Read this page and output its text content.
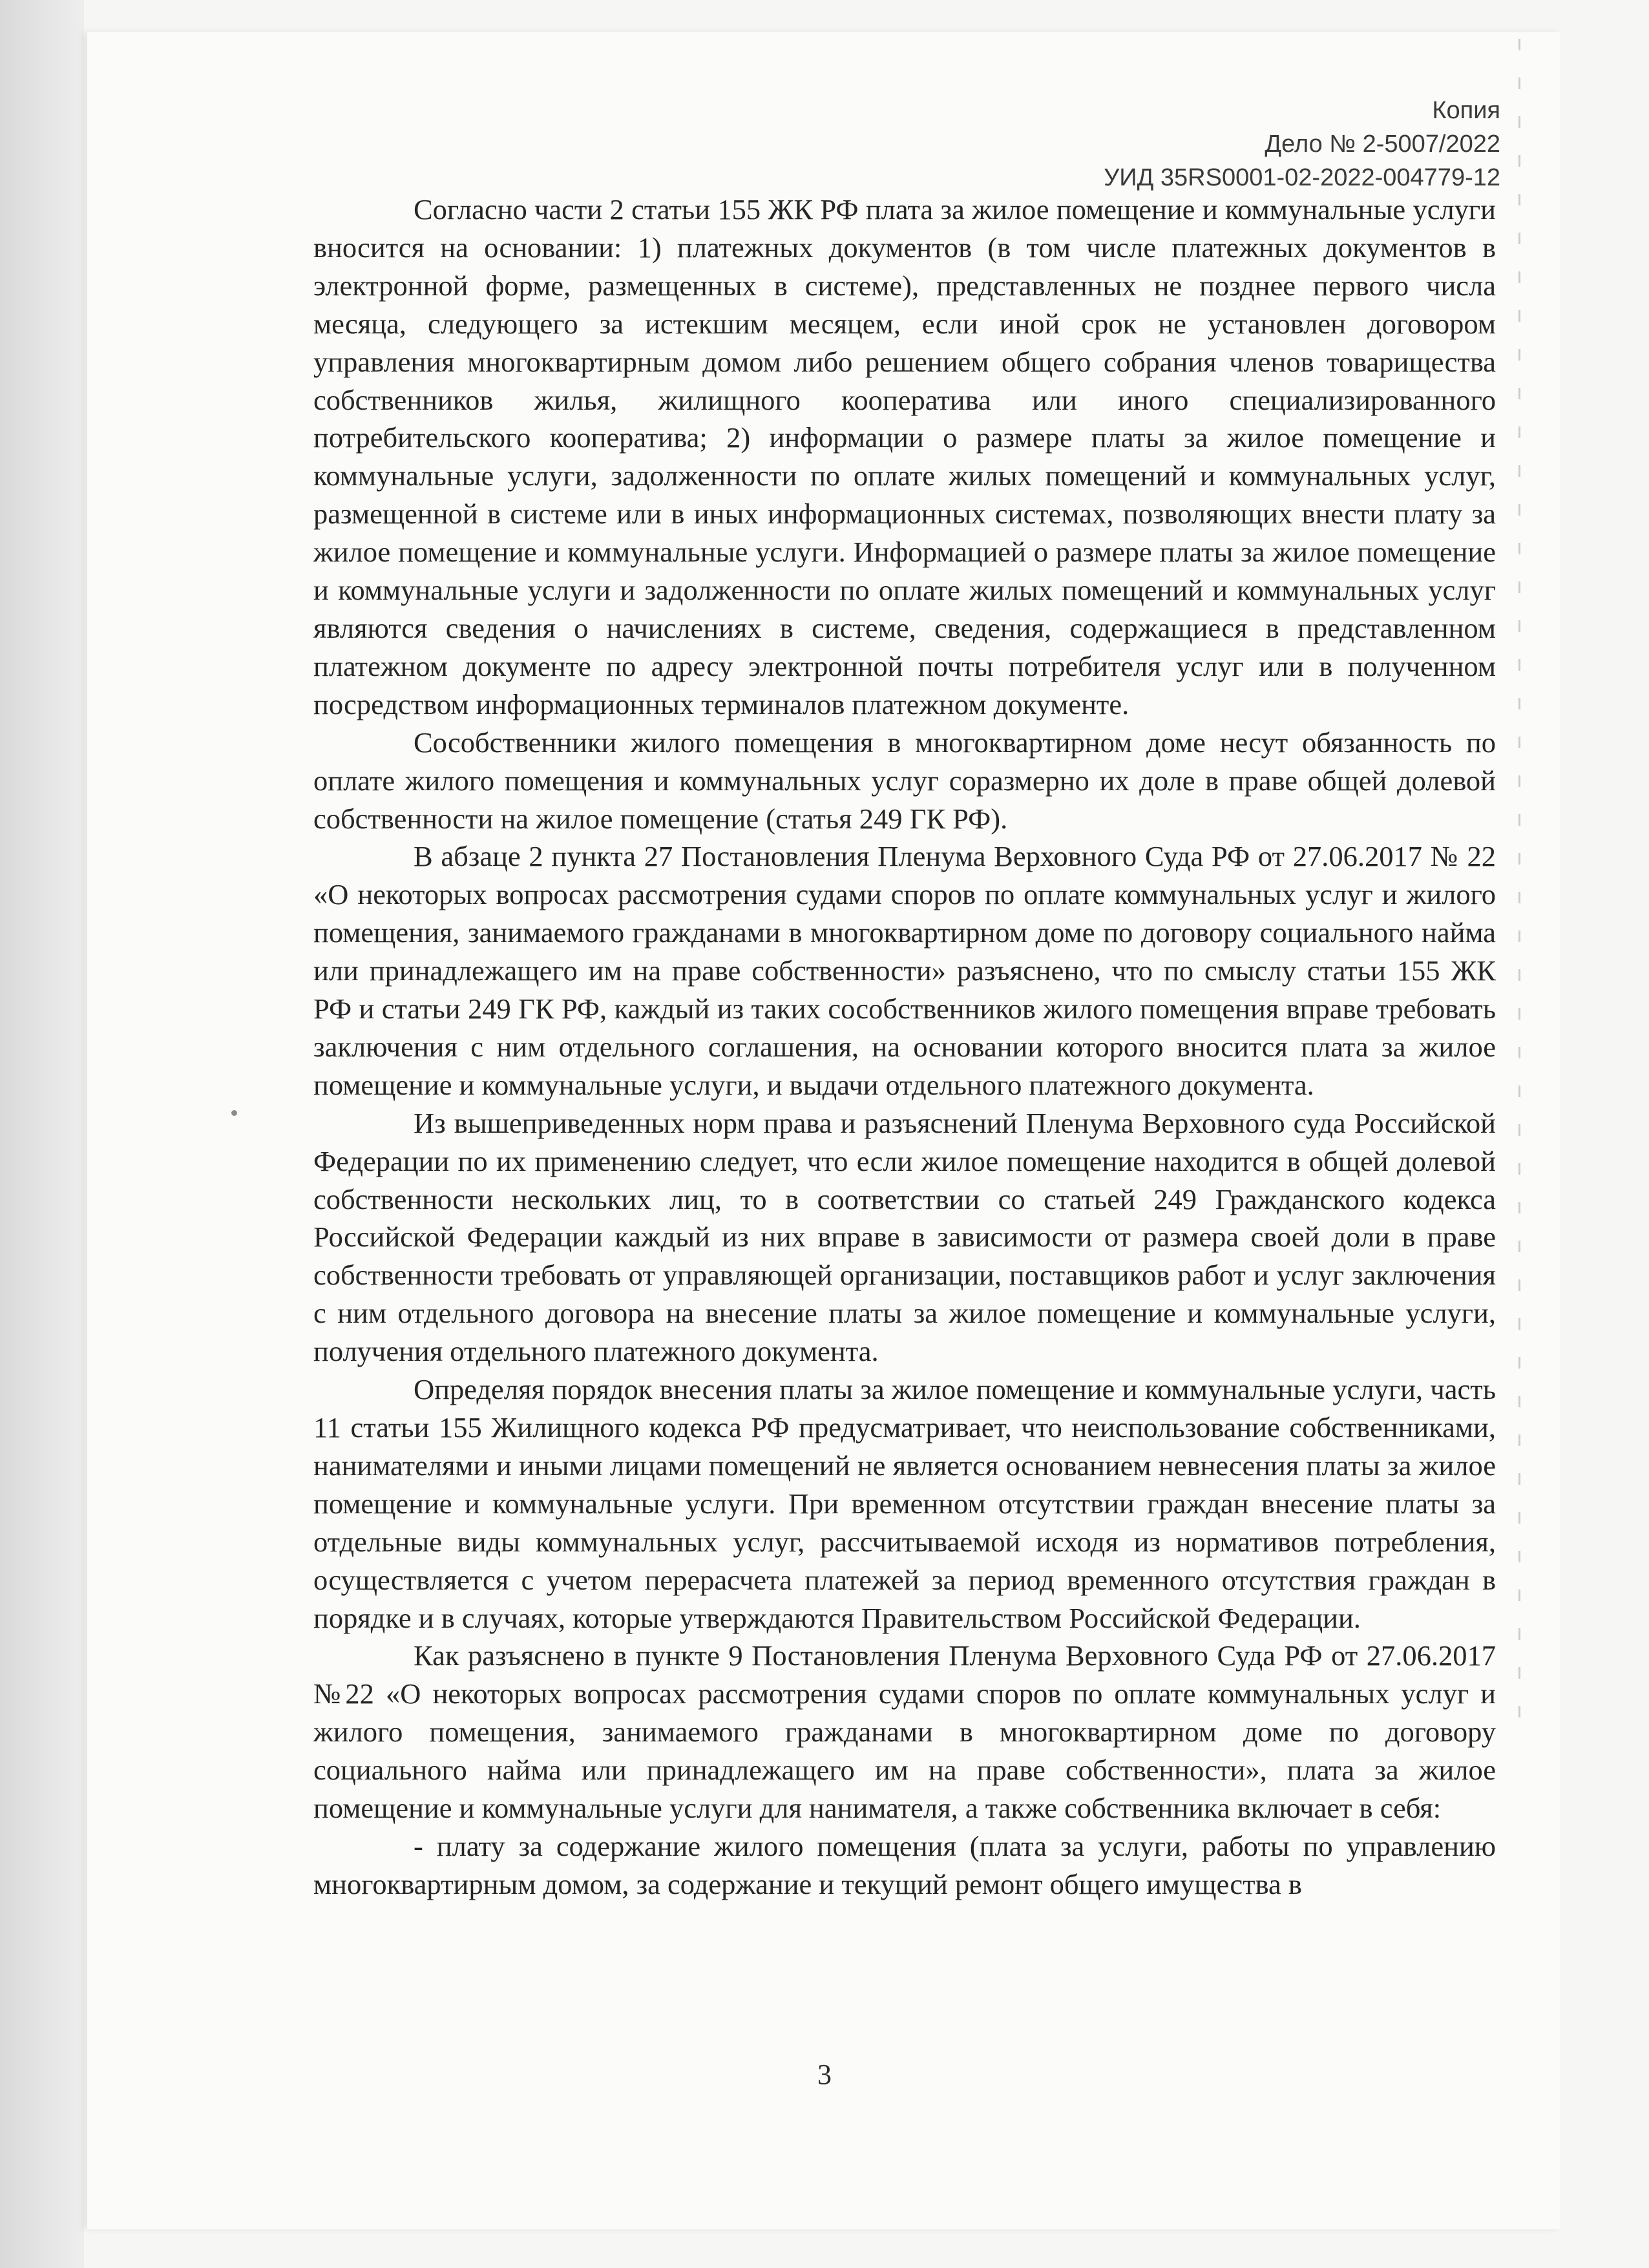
Копия
Дело № 2-5007/2022
УИД 35RS0001-02-2022-004779-12

Согласно части 2 статьи 155 ЖК РФ плата за жилое помещение и коммунальные услуги вносится на основании: 1) платежных документов (в том числе платежных документов в электронной форме, размещенных в системе), представленных не позднее первого числа месяца, следующего за истекшим месяцем, если иной срок не установлен договором управления многоквартирным домом либо решением общего собрания членов товарищества собственников жилья, жилищного кооператива или иного специализированного потребительского кооператива; 2) информации о размере платы за жилое помещение и коммунальные услуги, задолженности по оплате жилых помещений и коммунальных услуг, размещенной в системе или в иных информационных системах, позволяющих внести плату за жилое помещение и коммунальные услуги. Информацией о размере платы за жилое помещение и коммунальные услуги и задолженности по оплате жилых помещений и коммунальных услуг являются сведения о начислениях в системе, сведения, содержащиеся в представленном платежном документе по адресу электронной почты потребителя услуг или в полученном посредством информационных терминалов платежном документе.

Сособственники жилого помещения в многоквартирном доме несут обязанность по оплате жилого помещения и коммунальных услуг соразмерно их доле в праве общей долевой собственности на жилое помещение (статья 249 ГК РФ).

В абзаце 2 пункта 27 Постановления Пленума Верховного Суда РФ от 27.06.2017 № 22 «О некоторых вопросах рассмотрения судами споров по оплате коммунальных услуг и жилого помещения, занимаемого гражданами в многоквартирном доме по договору социального найма или принадлежащего им на праве собственности» разъяснено, что по смыслу статьи 155 ЖК РФ и статьи 249 ГК РФ, каждый из таких сособственников жилого помещения вправе требовать заключения с ним отдельного соглашения, на основании которого вносится плата за жилое помещение и коммунальные услуги, и выдачи отдельного платежного документа.

Из вышеприведенных норм права и разъяснений Пленума Верховного суда Российской Федерации по их применению следует, что если жилое помещение находится в общей долевой собственности нескольких лиц, то в соответствии со статьей 249 Гражданского кодекса Российской Федерации каждый из них вправе в зависимости от размера своей доли в праве собственности требовать от управляющей организации, поставщиков работ и услуг заключения с ним отдельного договора на внесение платы за жилое помещение и коммунальные услуги, получения отдельного платежного документа.

Определяя порядок внесения платы за жилое помещение и коммунальные услуги, часть 11 статьи 155 Жилищного кодекса РФ предусматривает, что неиспользование собственниками, нанимателями и иными лицами помещений не является основанием невнесения платы за жилое помещение и коммунальные услуги. При временном отсутствии граждан внесение платы за отдельные виды коммунальных услуг, рассчитываемой исходя из нормативов потребления, осуществляется с учетом перерасчета платежей за период временного отсутствия граждан в порядке и в случаях, которые утверждаются Правительством Российской Федерации.

Как разъяснено в пункте 9 Постановления Пленума Верховного Суда РФ от 27.06.2017 №22 «О некоторых вопросах рассмотрения судами споров по оплате коммунальных услуг и жилого помещения, занимаемого гражданами в многоквартирном доме по договору социального найма или принадлежащего им на праве собственности», плата за жилое помещение и коммунальные услуги для нанимателя, а также собственника включает в себя:

- плату за содержание жилого помещения (плата за услуги, работы по управлению многоквартирным домом, за содержание и текущий ремонт общего имущества в

3
